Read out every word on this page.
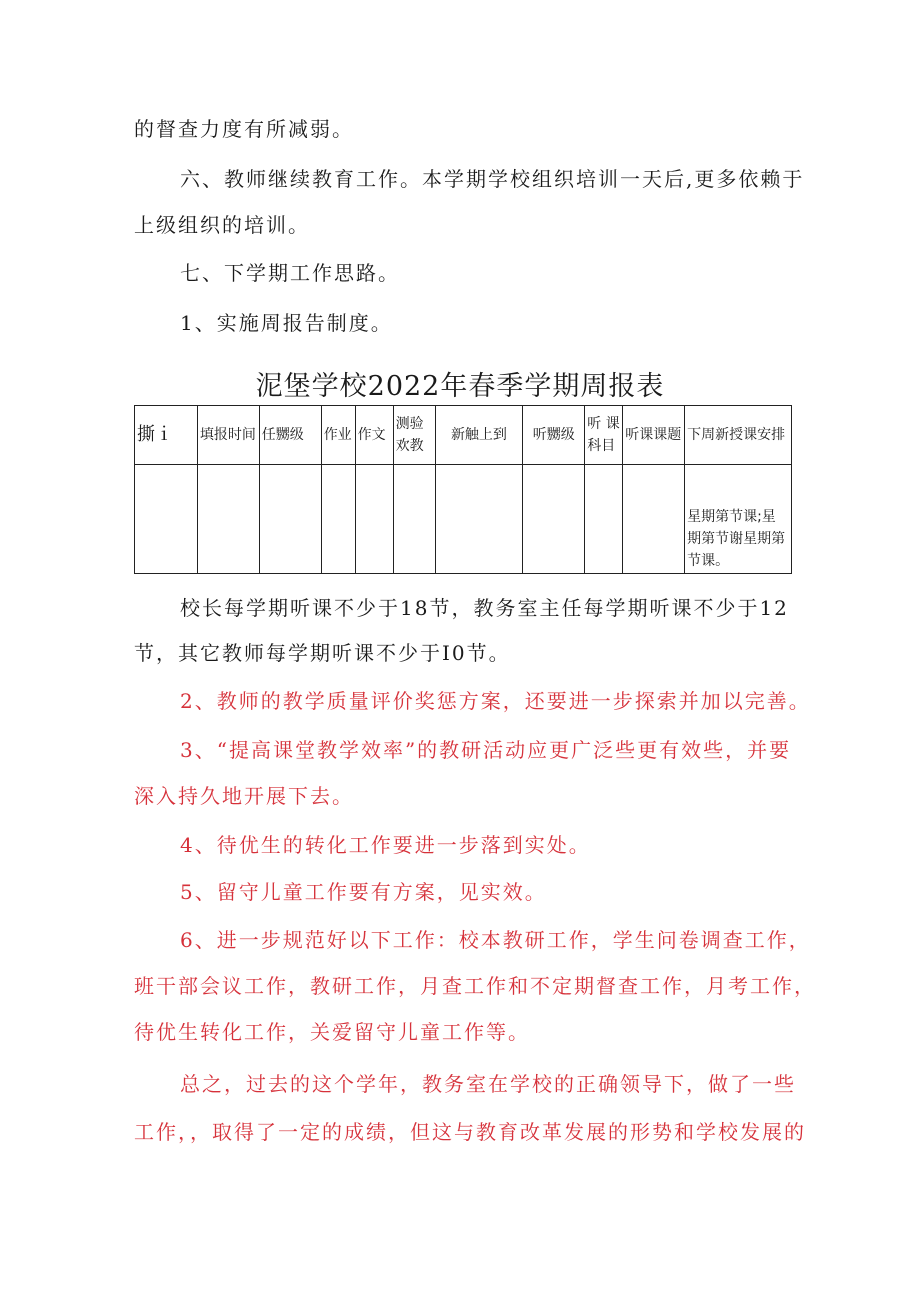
的督查力度有所减弱。

六、教师继续教育工作。本学期学校组织培训一天后,更多依赖于

上级组织的培训。

七、下学期工作思路。

1、实施周报告制度。

泥堡学校2022年春季学期周报表

撕ｉ	填报时间	任嬲级	作业	作文	测验欢教	新触上到	听嬲级	听 课科目	听课课题	下周新授课安排
										星期第节课;星期第节谢星期第节课。

校长每学期听课不少于18节，教务室主任每学期听课不少于12

节，其它教师每学期听课不少于I0节。

2、教师的教学质量评价奖惩方案，还要进一步探索并加以完善。

3、“提高课堂教学效率”的教研活动应更广泛些更有效些，并要

深入持久地开展下去。

4、待优生的转化工作要进一步落到实处。

5、留守儿童工作要有方案，见实效。

6、进一步规范好以下工作：校本教研工作，学生问卷调查工作，

班干部会议工作，教研工作，月查工作和不定期督查工作，月考工作，

待优生转化工作，关爱留守儿童工作等。

总之，过去的这个学年，教务室在学校的正确领导下，做了一些

工作，，取得了一定的成绩，但这与教育改革发展的形势和学校发展的
